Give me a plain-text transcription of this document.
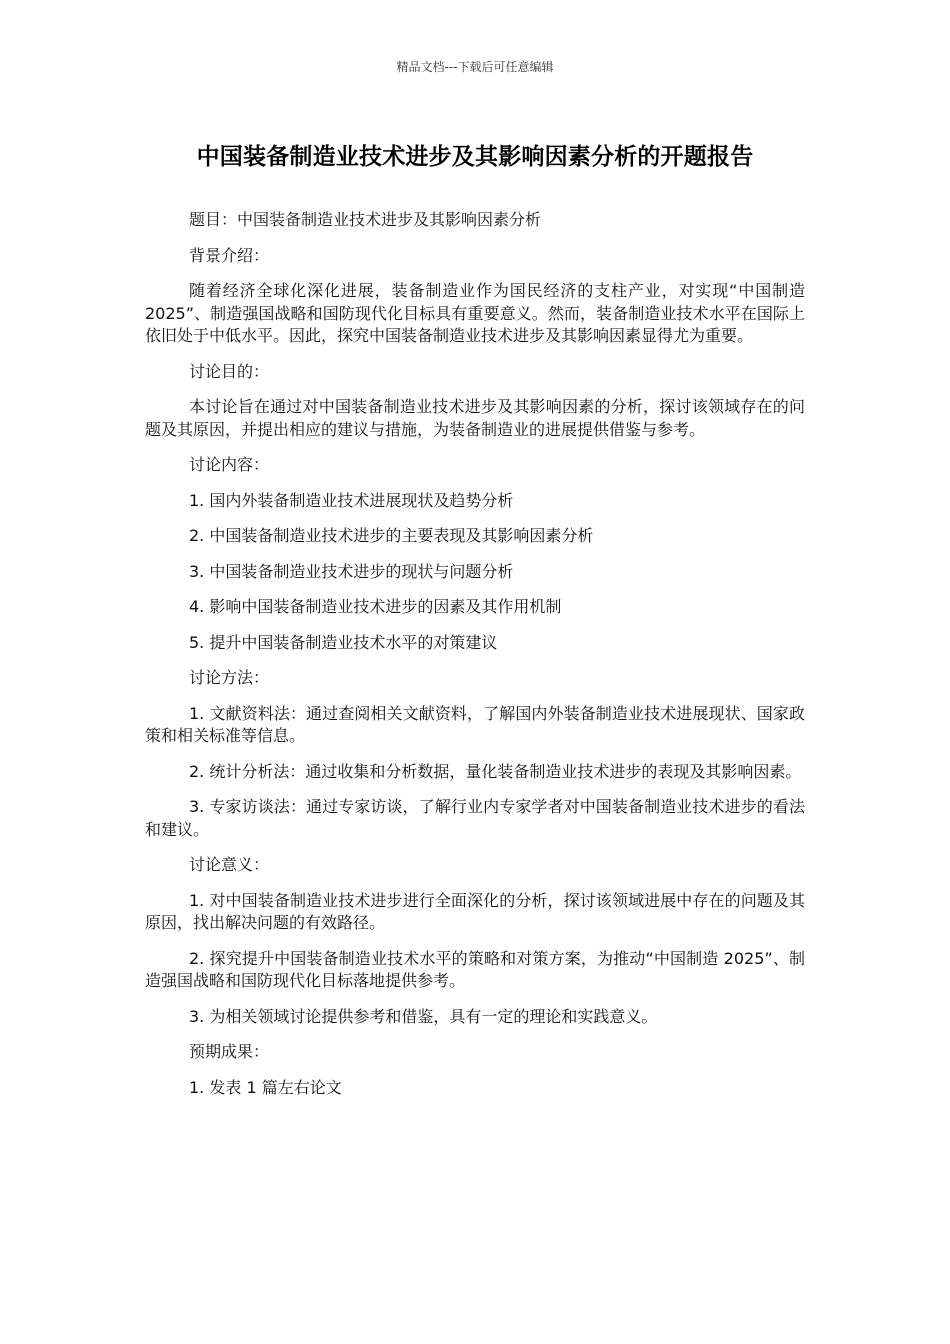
精品文档---下载后可任意编辑
中国装备制造业技术进步及其影响因素分析的开题报告

题目：中国装备制造业技术进步及其影响因素分析

背景介绍：

随着经济全球化深化进展，装备制造业作为国民经济的支柱产业，对实现“中国制造 2025”、制造强国战略和国防现代化目标具有重要意义。然而，装备制造业技术水平在国际上依旧处于中低水平。因此，探究中国装备制造业技术进步及其影响因素显得尤为重要。

讨论目的：

本讨论旨在通过对中国装备制造业技术进步及其影响因素的分析，探讨该领域存在的问题及其原因，并提出相应的建议与措施，为装备制造业的进展提供借鉴与参考。

讨论内容：

1. 国内外装备制造业技术进展现状及趋势分析

2. 中国装备制造业技术进步的主要表现及其影响因素分析

3. 中国装备制造业技术进步的现状与问题分析

4. 影响中国装备制造业技术进步的因素及其作用机制

5. 提升中国装备制造业技术水平的对策建议

讨论方法：

1. 文献资料法：通过查阅相关文献资料，了解国内外装备制造业技术进展现状、国家政策和相关标准等信息。

2. 统计分析法：通过收集和分析数据，量化装备制造业技术进步的表现及其影响因素。

3. 专家访谈法：通过专家访谈，了解行业内专家学者对中国装备制造业技术进步的看法和建议。

讨论意义：

1. 对中国装备制造业技术进步进行全面深化的分析，探讨该领域进展中存在的问题及其原因，找出解决问题的有效路径。

2. 探究提升中国装备制造业技术水平的策略和对策方案，为推动“中国制造 2025”、制造强国战略和国防现代化目标落地提供参考。

3. 为相关领域讨论提供参考和借鉴，具有一定的理论和实践意义。

预期成果：

1. 发表 1 篇左右论文
